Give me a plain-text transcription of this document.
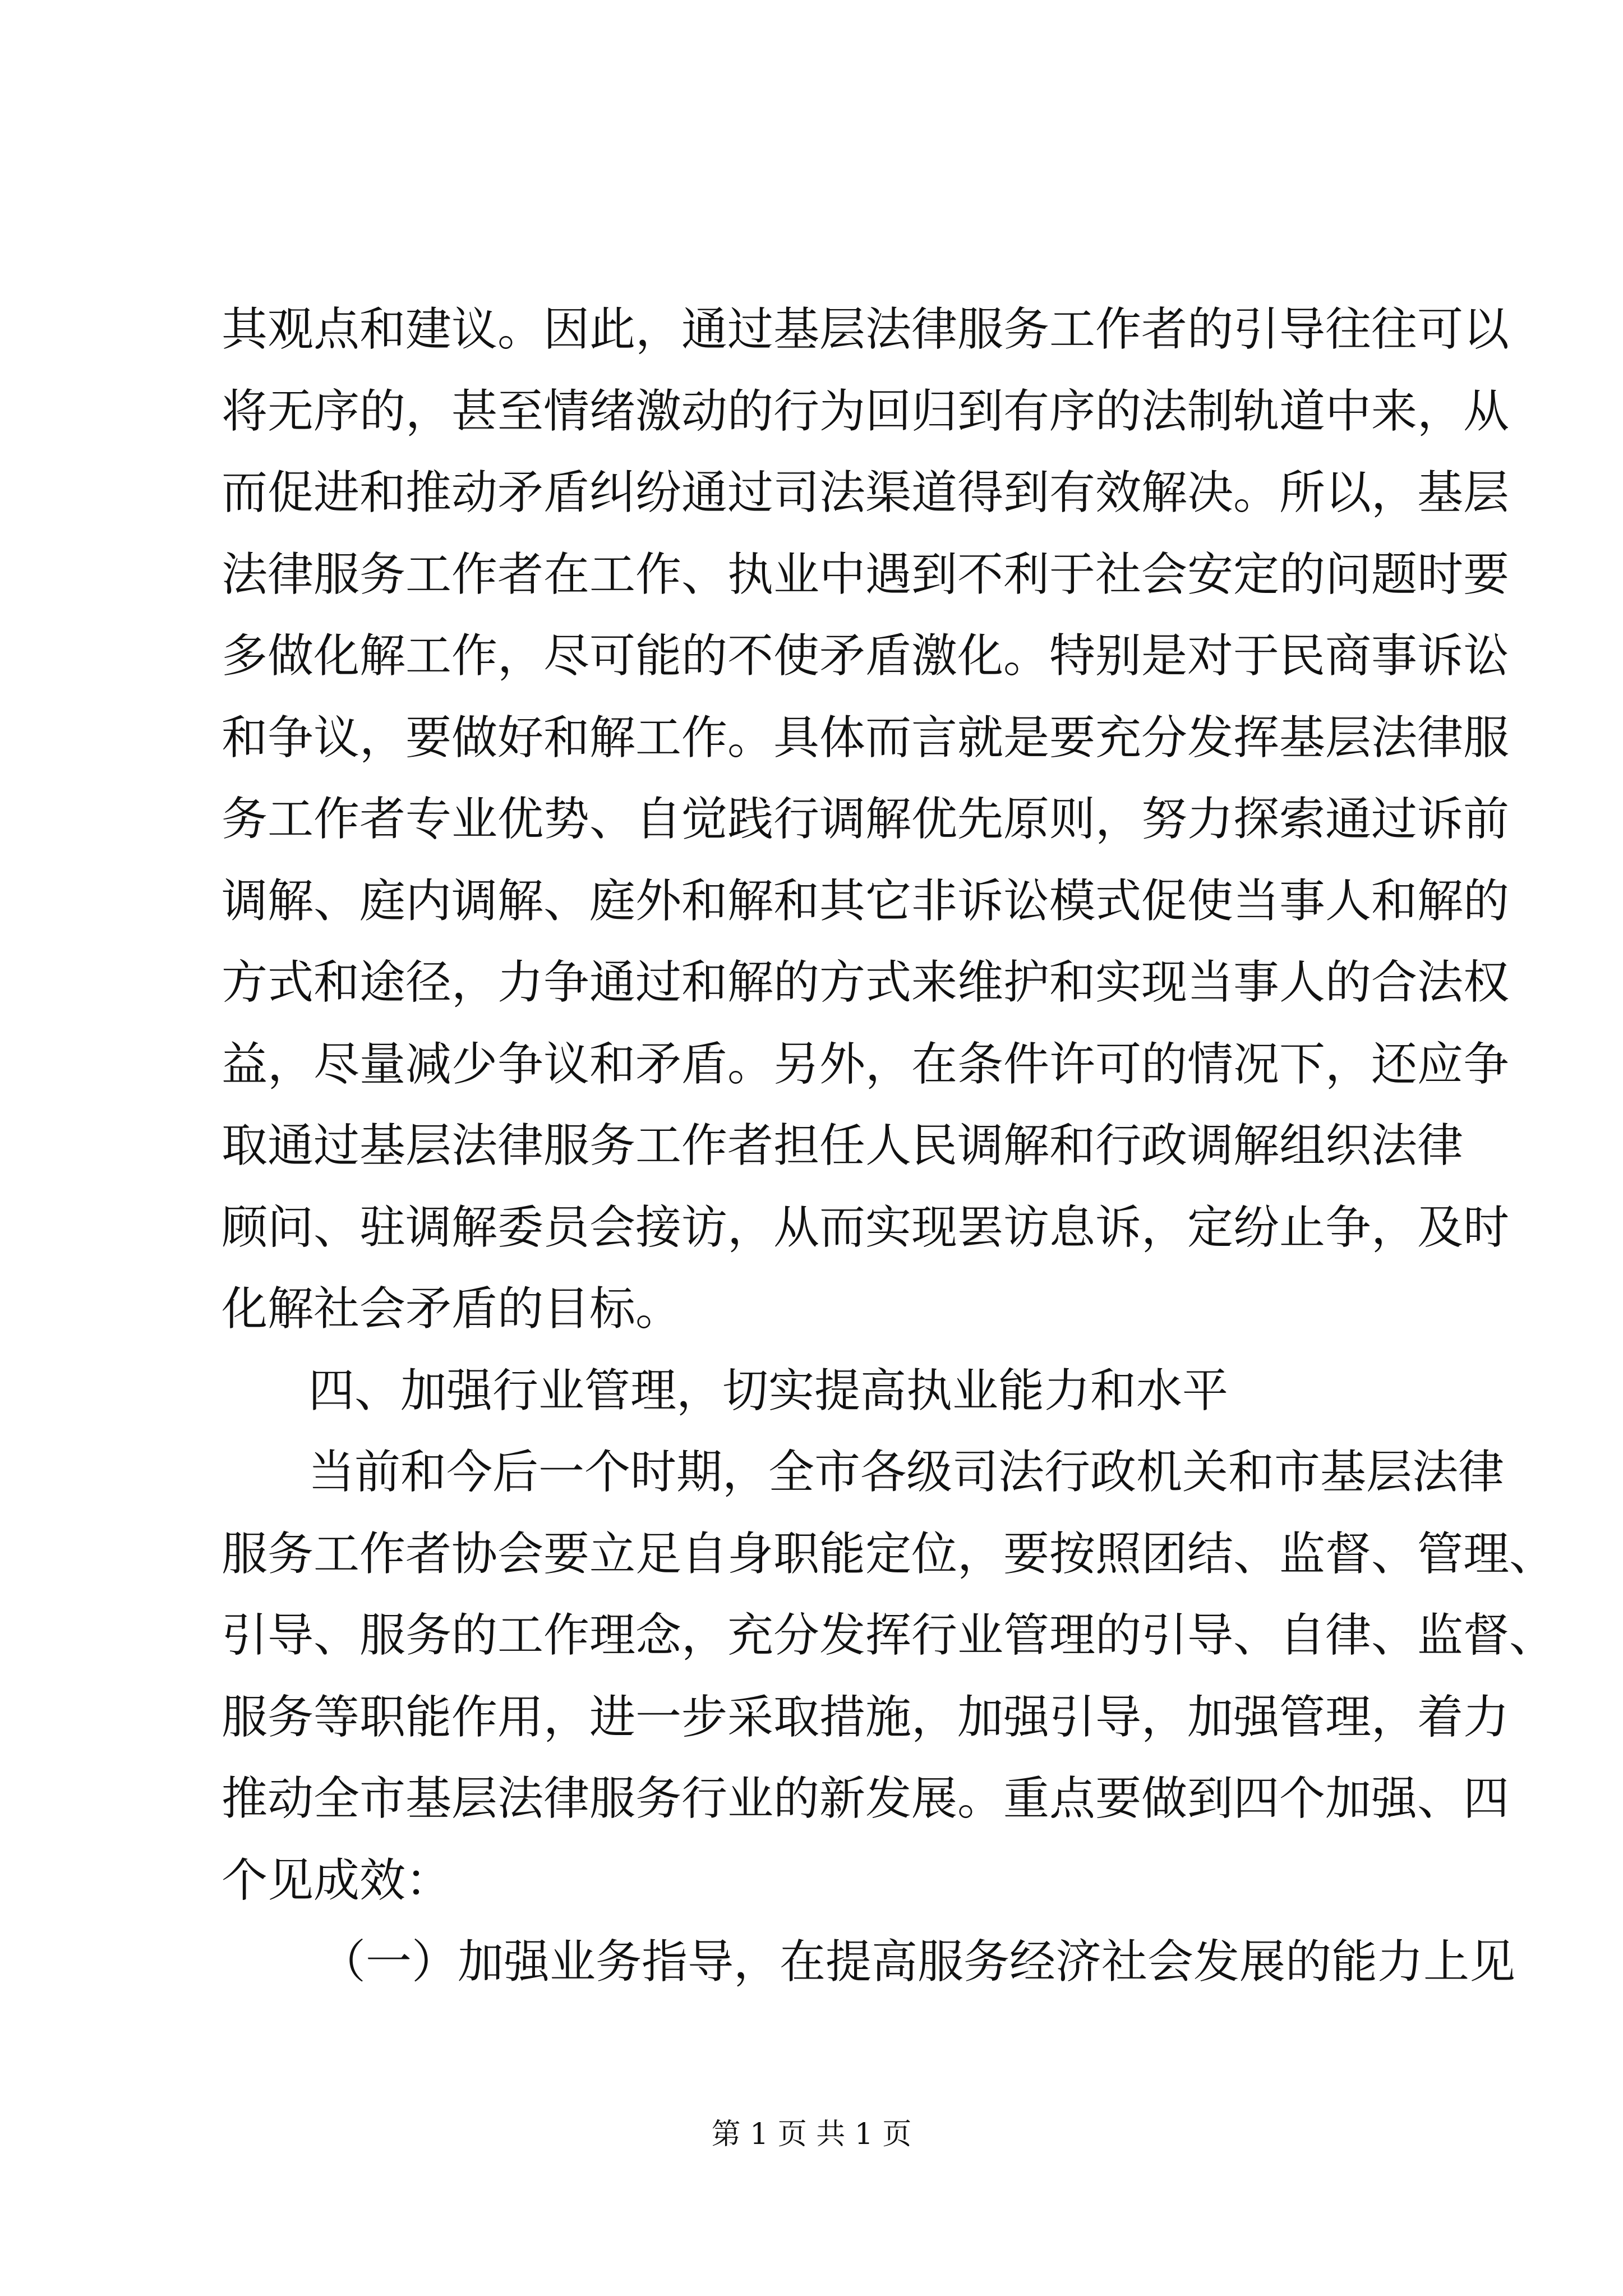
其观点和建议。因此，通过基层法律服务工作者的引导往往可以
将无序的，甚至情绪激动的行为回归到有序的法制轨道中来，从
而促进和推动矛盾纠纷通过司法渠道得到有效解决。所以，基层
法律服务工作者在工作、执业中遇到不利于社会安定的问题时要
多做化解工作，尽可能的不使矛盾激化。特别是对于民商事诉讼
和争议，要做好和解工作。具体而言就是要充分发挥基层法律服
务工作者专业优势、自觉践行调解优先原则，努力探索通过诉前
调解、庭内调解、庭外和解和其它非诉讼模式促使当事人和解的
方式和途径，力争通过和解的方式来维护和实现当事人的合法权
益，尽量减少争议和矛盾。另外，在条件许可的情况下，还应争
取通过基层法律服务工作者担任人民调解和行政调解组织法律
顾问、驻调解委员会接访，从而实现罢访息诉，定纷止争，及时
化解社会矛盾的目标。
四、加强行业管理，切实提高执业能力和水平
当前和今后一个时期，全市各级司法行政机关和市基层法律
服务工作者协会要立足自身职能定位，要按照团结、监督、管理、
引导、服务的工作理念，充分发挥行业管理的引导、自律、监督、
服务等职能作用，进一步采取措施，加强引导，加强管理，着力
推动全市基层法律服务行业的新发展。重点要做到四个加强、四
个见成效：
（一）加强业务指导，在提高服务经济社会发展的能力上见
第 1 页 共 1 页
